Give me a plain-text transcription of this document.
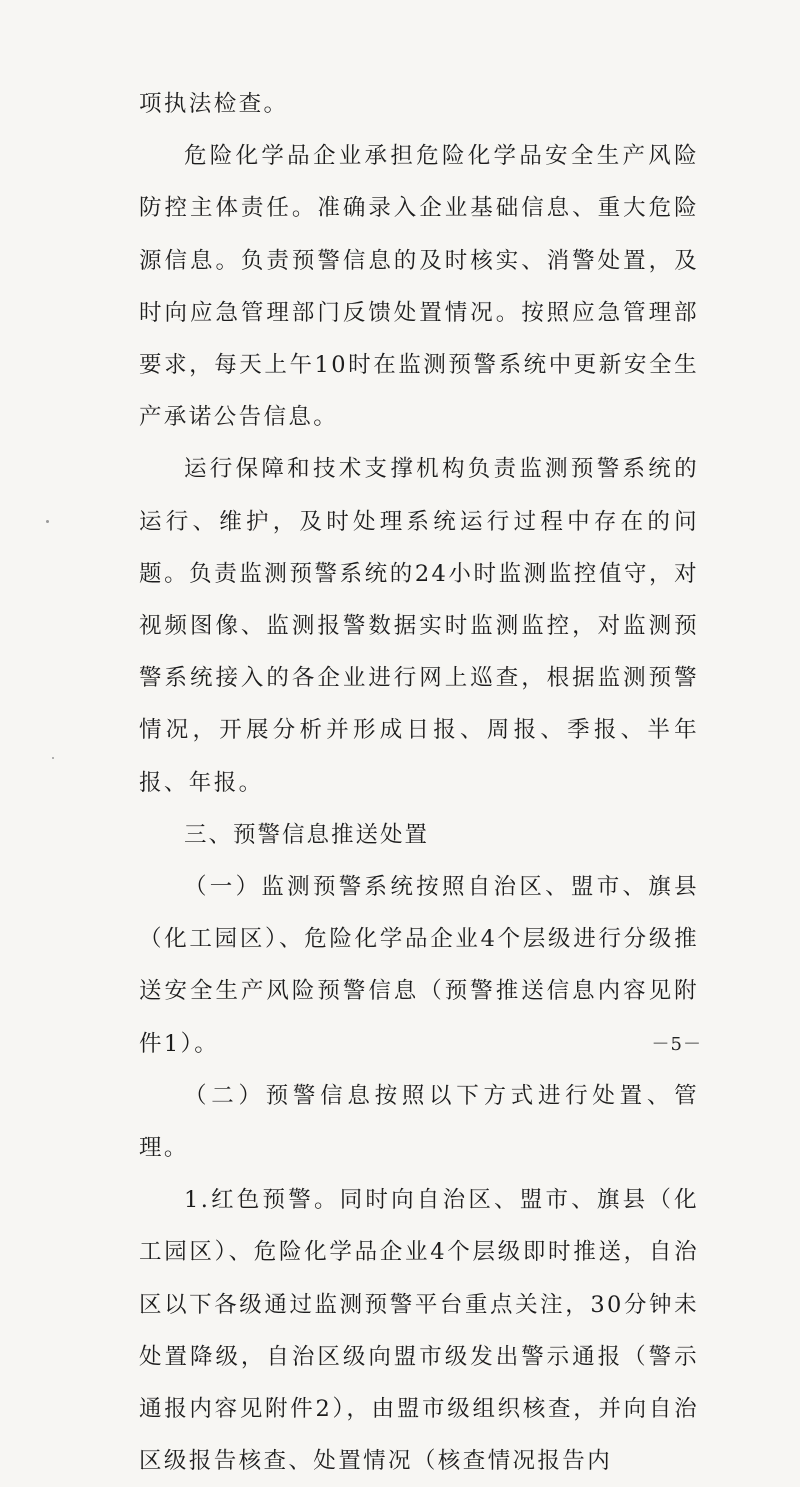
项执法检查。

危险化学品企业承担危险化学品安全生产风险防控主体责任。准确录入企业基础信息、重大危险源信息。负责预警信息的及时核实、消警处置，及时向应急管理部门反馈处置情况。按照应急管理部要求，每天上午10时在监测预警系统中更新安全生产承诺公告信息。

运行保障和技术支撑机构负责监测预警系统的运行、维护，及时处理系统运行过程中存在的问题。负责监测预警系统的24小时监测监控值守，对视频图像、监测报警数据实时监测监控，对监测预警系统接入的各企业进行网上巡查，根据监测预警情况，开展分析并形成日报、周报、季报、半年报、年报。

三、预警信息推送处置

（一）监测预警系统按照自治区、盟市、旗县（化工园区）、危险化学品企业4个层级进行分级推送安全生产风险预警信息（预警推送信息内容见附件1）。

（二）预警信息按照以下方式进行处置、管理。

1.红色预警。同时向自治区、盟市、旗县（化工园区）、危险化学品企业4个层级即时推送，自治区以下各级通过监测预警平台重点关注，30分钟未处置降级，自治区级向盟市级发出警示通报（警示通报内容见附件2），由盟市级组织核查，并向自治区级报告核查、处置情况（核查情况报告内

－5－
